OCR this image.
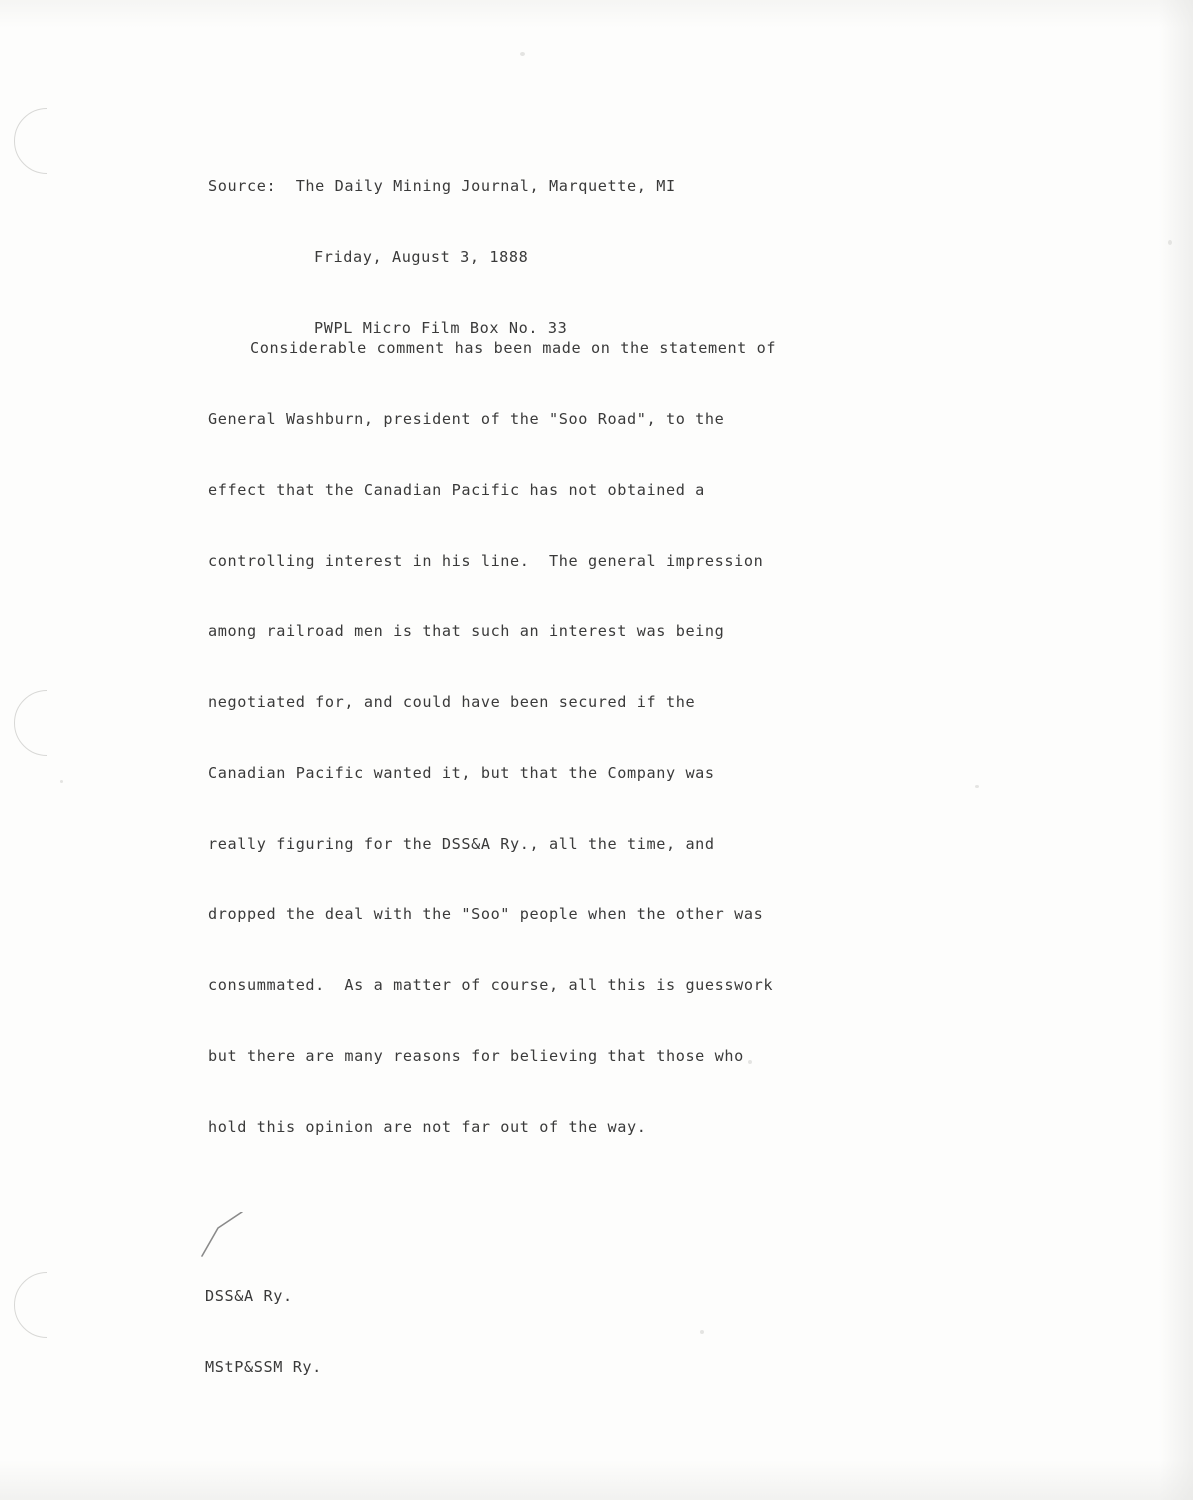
Source:  The Daily Mining Journal, Marquette, MI

Friday, August 3, 1888

PWPL Micro Film Box No. 33

Considerable comment has been made on the statement of

General Washburn, president of the "Soo Road", to the

effect that the Canadian Pacific has not obtained a

controlling interest in his line.  The general impression

among railroad men is that such an interest was being

negotiated for, and could have been secured if the

Canadian Pacific wanted it, but that the Company was

really figuring for the DSS&A Ry., all the time, and

dropped the deal with the "Soo" people when the other was

consummated.  As a matter of course, all this is guesswork

but there are many reasons for believing that those who

hold this opinion are not far out of the way.

DSS&A Ry.

MStP&SSM Ry.
